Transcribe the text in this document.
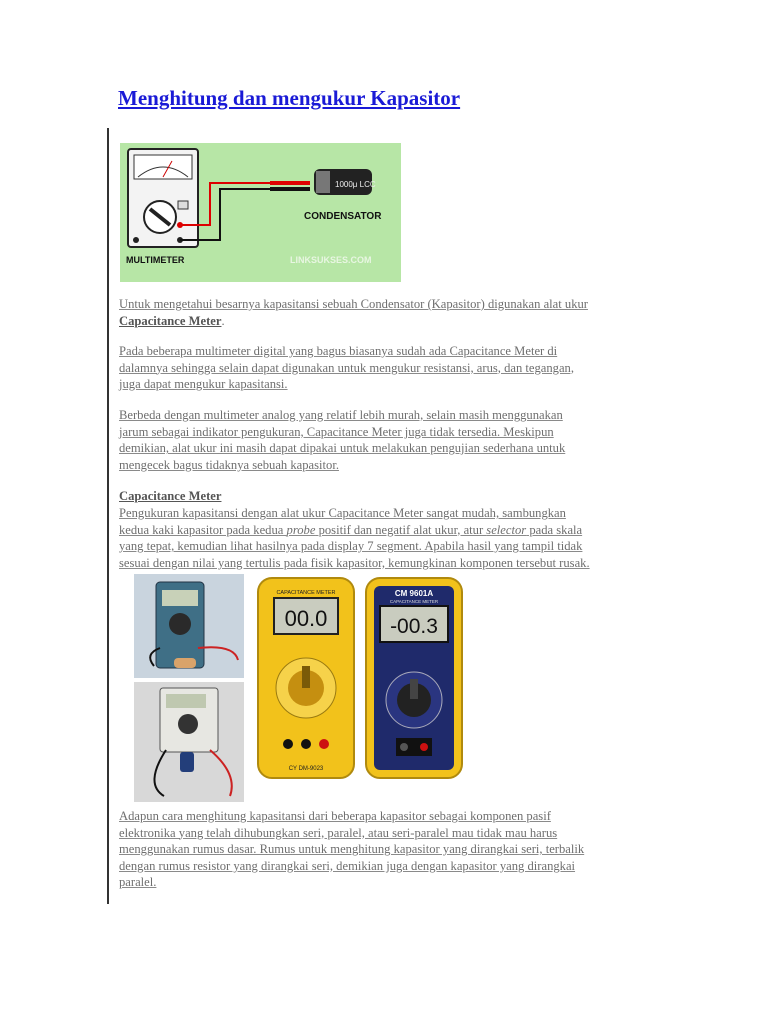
Menghitung dan mengukur Kapasitor
1000μ LCC
CONDENSATOR
MULTIMETER	LINKSUKSES.COM

Untuk mengetahui besarnya kapasitansi sebuah Condensator (Kapasitor) digunakan alat ukur
Capacitance Meter.

Pada beberapa multimeter digital yang bagus biasanya sudah ada Capacitance Meter di
dalamnya sehingga selain dapat digunakan untuk mengukur resistansi, arus, dan tegangan,
juga dapat mengukur kapasitansi.

Berbeda dengan multimeter analog yang relatif lebih murah, selain masih menggunakan
jarum sebagai indikator pengukuran, Capacitance Meter juga tidak tersedia. Meskipun
demikian, alat ukur ini masih dapat dipakai untuk melakukan pengujian sederhana untuk
mengecek bagus tidaknya sebuah kapasitor.

Capacitance Meter

Pengukuran kapasitansi dengan alat ukur Capacitance Meter sangat mudah, sambungkan
kedua kaki kapasitor pada kedua probe positif dan negatif alat ukur, atur selector pada skala
yang tepat, kemudian lihat hasilnya pada display 7 segment. Apabila hasil yang tampil tidak
sesuai dengan nilai yang tertulis pada fisik kapasitor, kemungkinan komponen tersebut rusak.

CAPACITANCE METER
00.0
CY DM-9023
CM 9601A
CAPACITANCE METER
-00.3

Adapun cara menghitung kapasitansi dari beberapa kapasitor sebagai komponen pasif
elektronika yang telah dihubungkan seri, paralel, atau seri-paralel mau tidak mau harus
menggunakan rumus dasar. Rumus untuk menghitung kapasitor yang dirangkai seri, terbalik
dengan rumus resistor yang dirangkai seri, demikian juga dengan kapasitor yang dirangkai
paralel.
